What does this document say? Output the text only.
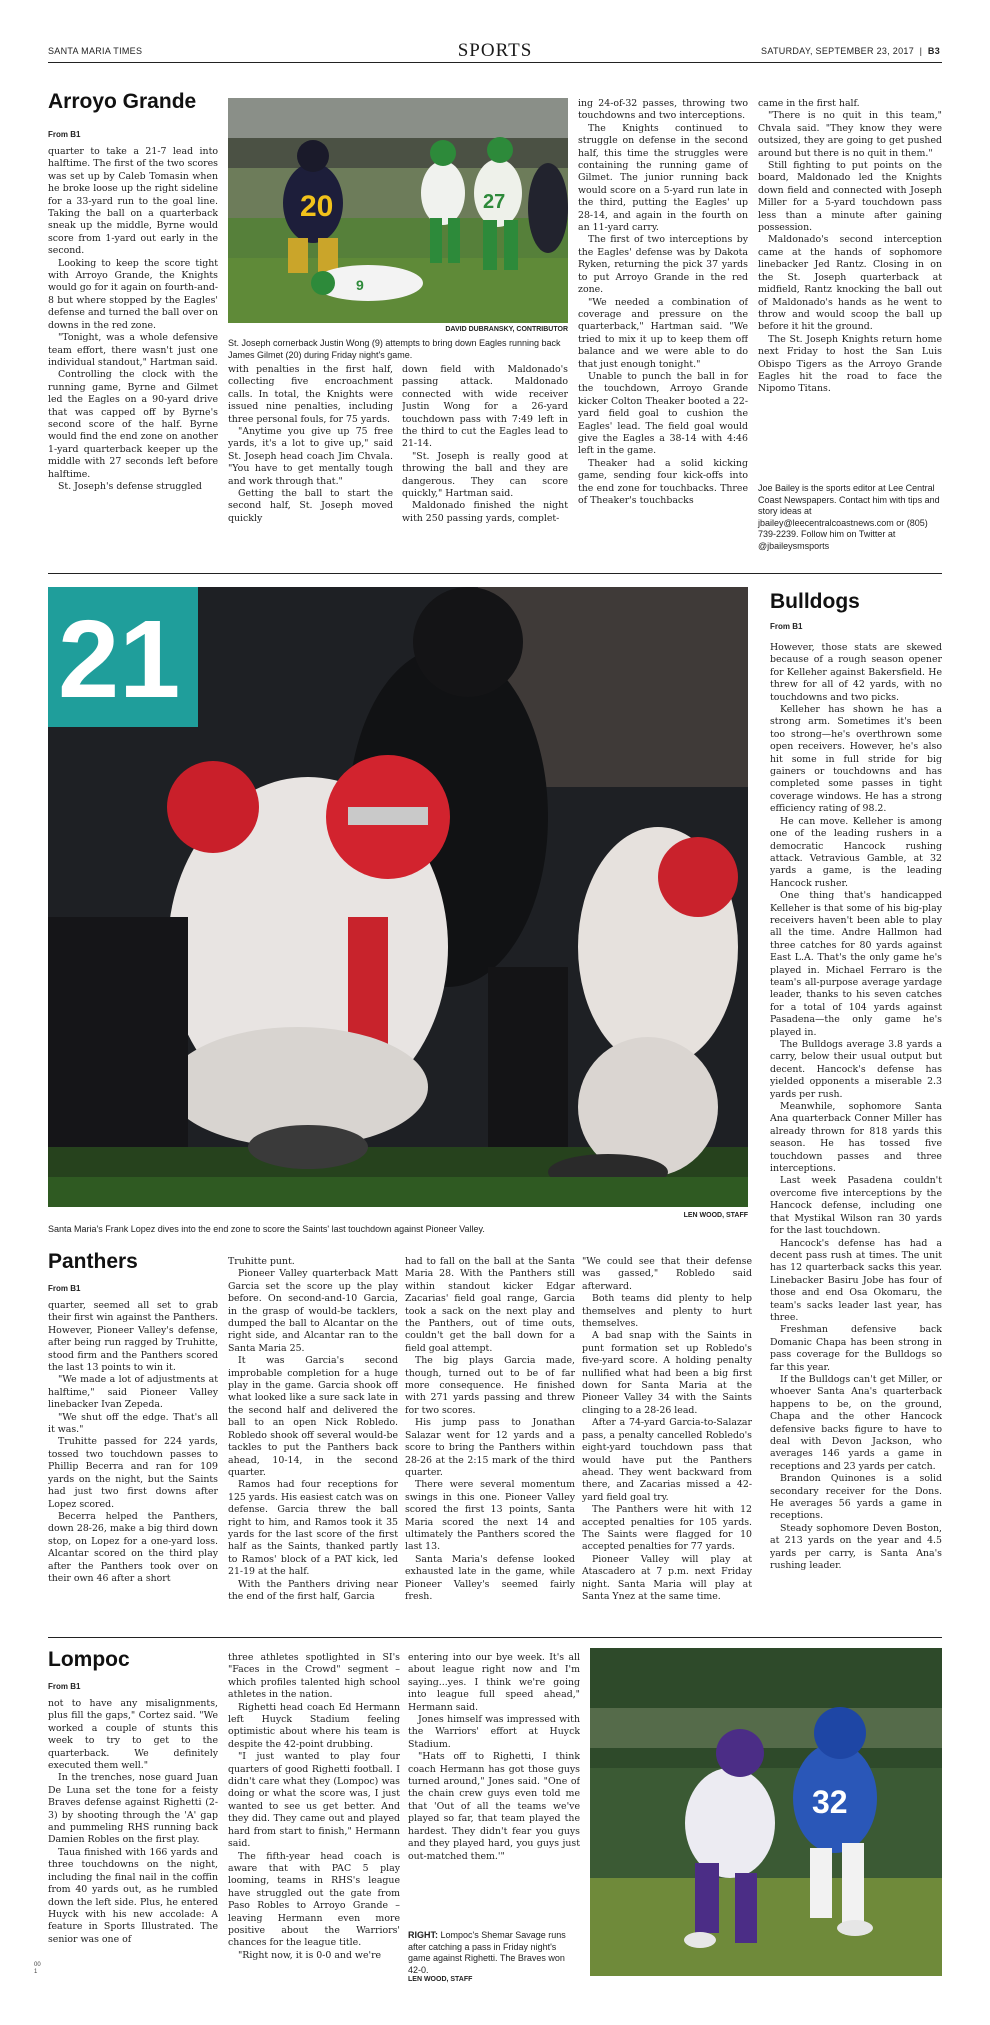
SANTA MARIA TIMES	SPORTS	SATURDAY, SEPTEMBER 23, 2017  |  B3
Arroyo Grande
From B1

quarter to take a 21-7 lead into halftime. The first of the two scores was set up by Caleb Tomasin when he broke loose up the right sideline for a 33-yard run to the goal line. Taking the ball on a quarterback sneak up the middle, Byrne would score from 1-yard out early in the second.

Looking to keep the score tight with Arroyo Grande, the Knights would go for it again on fourth-and-8 but where stopped by the Eagles' defense and turned the ball over on downs in the red zone.

"Tonight, was a whole defensive team effort, there wasn't just one individual standout," Hartman said.

Controlling the clock with the running game, Byrne and Gilmet led the Eagles on a 90-yard drive that was capped off by Byrne's second score of the half. Byrne would find the end zone on another 1-yard quarterback keeper up the middle with 27 seconds left before halftime.

St. Joseph's defense struggled

20	27
9
DAVID DUBRANSKY, CONTRIBUTOR
St. Joseph cornerback Justin Wong (9) attempts to bring down Eagles running back James Gilmet (20) during Friday night's game.

with penalties in the first half, collecting five encroachment calls. In total, the Knights were issued nine penalties, including three personal fouls, for 75 yards.

"Anytime you give up 75 free yards, it's a lot to give up," said St. Joseph head coach Jim Chvala. "You have to get mentally tough and work through that."

Getting the ball to start the second half, St. Joseph moved quickly

down field with Maldonado's passing attack. Maldonado connected with wide receiver Justin Wong for a 26-yard touchdown pass with 7:49 left in the third to cut the Eagles lead to 21-14.

"St. Joseph is really good at throwing the ball and they are dangerous. They can score quickly," Hartman said.

Maldonado finished the night with 250 passing yards, complet-

ing 24-of-32 passes, throwing two touchdowns and two interceptions.

The Knights continued to struggle on defense in the second half, this time the struggles were containing the running game of Gilmet. The junior running back would score on a 5-yard run late in the third, putting the Eagles' up 28-14, and again in the fourth on an 11-yard carry.

The first of two interceptions by the Eagles' defense was by Dakota Ryken, returning the pick 37 yards to put Arroyo Grande in the red zone.

"We needed a combination of coverage and pressure on the quarterback," Hartman said. "We tried to mix it up to keep them off balance and we were able to do that just enough tonight."

Unable to punch the ball in for the touchdown, Arroyo Grande kicker Colton Theaker booted a 22-yard field goal to cushion the Eagles' lead. The field goal would give the Eagles a 38-14 with 4:46 left in the game.

Theaker had a solid kicking game, sending four kick-offs into the end zone for touchbacks. Three of Theaker's touchbacks

came in the first half.

"There is no quit in this team," Chvala said. "They know they were outsized, they are going to get pushed around but there is no quit in them."

Still fighting to put points on the board, Maldonado led the Knights down field and connected with Joseph Miller for a 5-yard touchdown pass less than a minute after gaining possession.

Maldonado's second interception came at the hands of sophomore linebacker Jed Rantz. Closing in on the St. Joseph quarterback at midfield, Rantz knocking the ball out of Maldonado's hands as he went to throw and would scoop the ball up before it hit the ground.

The St. Joseph Knights return home next Friday to host the San Luis Obispo Tigers as the Arroyo Grande Eagles hit the road to face the Nipomo Titans.

Joe Bailey is the sports editor at Lee Central Coast Newspapers. Contact him with tips and story ideas at jbailey@leecentralcoastnews.com or (805) 739-2239. Follow him on Twitter at @jbaileysmsports
21
LEN WOOD, STAFF
Santa Maria's Frank Lopez dives into the end zone to score the Saints' last touchdown against Pioneer Valley.
Bulldogs
From B1

However, those stats are skewed because of a rough season opener for Kelleher against Bakersfield. He threw for all of 42 yards, with no touchdowns and two picks.

Kelleher has shown he has a strong arm. Sometimes it's been too strong—he's overthrown some open receivers. However, he's also hit some in full stride for big gainers or touchdowns and has completed some passes in tight coverage windows. He has a strong efficiency rating of 98.2.

He can move. Kelleher is among one of the leading rushers in a democratic Hancock rushing attack. Vetravious Gamble, at 32 yards a game, is the leading Hancock rusher.

One thing that's handicapped Kelleher is that some of his big-play receivers haven't been able to play all the time. Andre Hallmon had three catches for 80 yards against East L.A. That's the only game he's played in. Michael Ferraro is the team's all-purpose average yardage leader, thanks to his seven catches for a total of 104 yards against Pasadena—the only game he's played in.

The Bulldogs average 3.8 yards a carry, below their usual output but decent. Hancock's defense has yielded opponents a miserable 2.3 yards per rush.

Meanwhile, sophomore Santa Ana quarterback Conner Miller has already thrown for 818 yards this season. He has tossed five touchdown passes and three interceptions.

Last week Pasadena couldn't overcome five interceptions by the Hancock defense, including one that Mystikal Wilson ran 30 yards for the last touchdown.

Hancock's defense has had a decent pass rush at times. The unit has 12 quarterback sacks this year. Linebacker Basiru Jobe has four of those and end Osa Okomaru, the team's sacks leader last year, has three.

Freshman defensive back Domanic Chapa has been strong in pass coverage for the Bulldogs so far this year.

If the Bulldogs can't get Miller, or whoever Santa Ana's quarterback happens to be, on the ground, Chapa and the other Hancock defensive backs figure to have to deal with Devon Jackson, who averages 146 yards a game in receptions and 23 yards per catch.

Brandon Quinones is a solid secondary receiver for the Dons. He averages 56 yards a game in receptions.

Steady sophomore Deven Boston, at 213 yards on the year and 4.5 yards per carry, is Santa Ana's rushing leader.

Panthers
From B1

quarter, seemed all set to grab their first win against the Panthers. However, Pioneer Valley's defense, after being run ragged by Truhitte, stood firm and the Panthers scored the last 13 points to win it.

"We made a lot of adjustments at halftime," said Pioneer Valley linebacker Ivan Zepeda.

"We shut off the edge. That's all it was."

Truhitte passed for 224 yards, tossed two touchdown passes to Phillip Becerra and ran for 109 yards on the night, but the Saints had just two first downs after Lopez scored.

Becerra helped the Panthers, down 28-26, make a big third down stop, on Lopez for a one-yard loss. Alcantar scored on the third play after the Panthers took over on their own 46 after a short

Truhitte punt.

Pioneer Valley quarterback Matt Garcia set the score up the play before. On second-and-10 Garcia, in the grasp of would-be tacklers, dumped the ball to Alcantar on the right side, and Alcantar ran to the Santa Maria 25.

It was Garcia's second improbable completion for a huge play in the game. Garcia shook off what looked like a sure sack late in the second half and delivered the ball to an open Nick Robledo. Robledo shook off several would-be tackles to put the Panthers back ahead, 10-14, in the second quarter.

Ramos had four receptions for 125 yards. His easiest catch was on defense. Garcia threw the ball right to him, and Ramos took it 35 yards for the last score of the first half as the Saints, thanked partly to Ramos' block of a PAT kick, led 21-19 at the half.

With the Panthers driving near the end of the first half, Garcia

had to fall on the ball at the Santa Maria 28. With the Panthers still within standout kicker Edgar Zacarias' field goal range, Garcia took a sack on the next play and the Panthers, out of time outs, couldn't get the ball down for a field goal attempt.

The big plays Garcia made, though, turned out to be of far more consequence. He finished with 271 yards passing and threw for two scores.

His jump pass to Jonathan Salazar went for 12 yards and a score to bring the Panthers within 28-26 at the 2:15 mark of the third quarter.

There were several momentum swings in this one. Pioneer Valley scored the first 13 points, Santa Maria scored the next 14 and ultimately the Panthers scored the last 13.

Santa Maria's defense looked exhausted late in the game, while Pioneer Valley's seemed fairly fresh.

"We could see that their defense was gassed," Robledo said afterward.

Both teams did plenty to help themselves and plenty to hurt themselves.

A bad snap with the Saints in punt formation set up Robledo's five-yard score. A holding penalty nullified what had been a big first down for Santa Maria at the Pioneer Valley 34 with the Saints clinging to a 28-26 lead.

After a 74-yard Garcia-to-Salazar pass, a penalty cancelled Robledo's eight-yard touchdown pass that would have put the Panthers ahead. They went backward from there, and Zacarias missed a 42-yard field goal try.

The Panthers were hit with 12 accepted penalties for 105 yards. The Saints were flagged for 10 accepted penalties for 77 yards.

Pioneer Valley will play at Atascadero at 7 p.m. next Friday night. Santa Maria will play at Santa Ynez at the same time.

Lompoc
From B1

not to have any misalignments, plus fill the gaps," Cortez said. "We worked a couple of stunts this week to try to get to the quarterback. We definitely executed them well."

In the trenches, nose guard Juan De Luna set the tone for a feisty Braves defense against Righetti (2-3) by shooting through the 'A' gap and pummeling RHS running back Damien Robles on the first play.

Taua finished with 166 yards and three touchdowns on the night, including the final nail in the coffin from 40 yards out, as he rumbled down the left side. Plus, he entered Huyck with his new accolade: A feature in Sports Illustrated. The senior was one of

three athletes spotlighted in SI's "Faces in the Crowd" segment – which profiles talented high school athletes in the nation.

Righetti head coach Ed Hermann left Huyck Stadium feeling optimistic about where his team is despite the 42-point drubbing.

"I just wanted to play four quarters of good Righetti football. I didn't care what they (Lompoc) was doing or what the score was, I just wanted to see us get better. And they did. They came out and played hard from start to finish," Hermann said.

The fifth-year head coach is aware that with PAC 5 play looming, teams in RHS's league have struggled out the gate from Paso Robles to Arroyo Grande – leaving Hermann even more positive about the Warriors' chances for the league title.

"Right now, it is 0-0 and we're

entering into our bye week. It's all about league right now and I'm saying...yes. I think we're going into league full speed ahead," Hermann said.

Jones himself was impressed with the Warriors' effort at Huyck Stadium.

"Hats off to Righetti, I think coach Hermann has got those guys turned around," Jones said. "One of the chain crew guys even told me that 'Out of all the teams we've played so far, that team played the hardest. They didn't fear you guys and they played hard, you guys just out-matched them.'"

RIGHT: Lompoc's Shemar Savage runs after catching a pass in Friday night's game against Righetti. The Braves won 42-0.
LEN WOOD, STAFF
32
00 1
